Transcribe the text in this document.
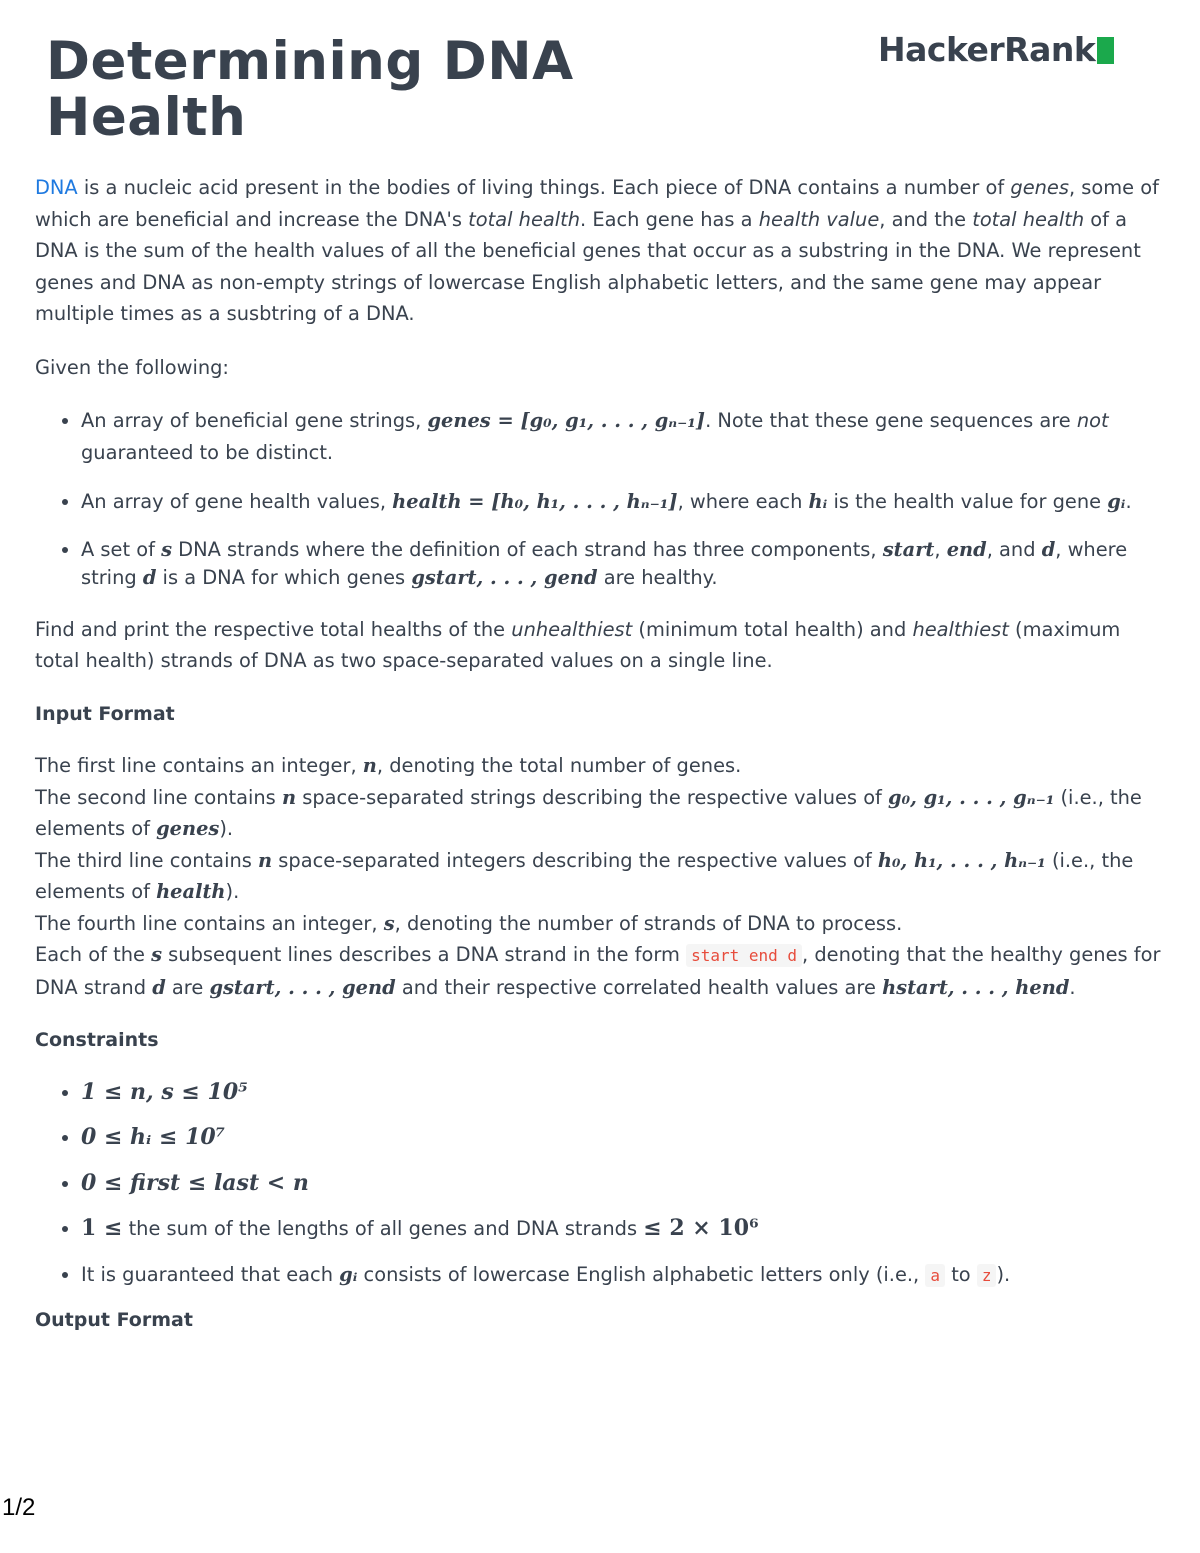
Determining DNA Health
HackerRank

DNA is a nucleic acid present in the bodies of living things. Each piece of DNA contains a number of genes, some of which are beneficial and increase the DNA's total health. Each gene has a health value, and the total health of a DNA is the sum of the health values of all the beneficial genes that occur as a substring in the DNA. We represent genes and DNA as non-empty strings of lowercase English alphabetic letters, and the same gene may appear multiple times as a susbtring of a DNA.

Given the following:

• An array of beneficial gene strings, genes = [g₀, g₁, . . . , gₙ₋₁]. Note that these gene sequences are not guaranteed to be distinct.
• An array of gene health values, health = [h₀, h₁, . . . , hₙ₋₁], where each hᵢ is the health value for gene gᵢ.
• A set of s DNA strands where the definition of each strand has three components, start, end, and d, where string d is a DNA for which genes gstart, . . . , gend are healthy.

Find and print the respective total healths of the unhealthiest (minimum total health) and healthiest (maximum total health) strands of DNA as two space-separated values on a single line.

Input Format

The first line contains an integer, n, denoting the total number of genes.
The second line contains n space-separated strings describing the respective values of g₀, g₁, . . . , gₙ₋₁ (i.e., the elements of genes).
The third line contains n space-separated integers describing the respective values of h₀, h₁, . . . , hₙ₋₁ (i.e., the elements of health).
The fourth line contains an integer, s, denoting the number of strands of DNA to process.
Each of the s subsequent lines describes a DNA strand in the form start end d , denoting that the healthy genes for DNA strand d are gstart, . . . , gend and their respective correlated health values are hstart, . . . , hend.

Constraints
• 1 ≤ n, s ≤ 10⁵
• 0 ≤ hᵢ ≤ 10⁷
• 0 ≤ first ≤ last < n
• 1 ≤ the sum of the lengths of all genes and DNA strands ≤ 2 × 10⁶
• It is guaranteed that each gᵢ consists of lowercase English alphabetic letters only (i.e., a to z ).
Output Format
1/2
